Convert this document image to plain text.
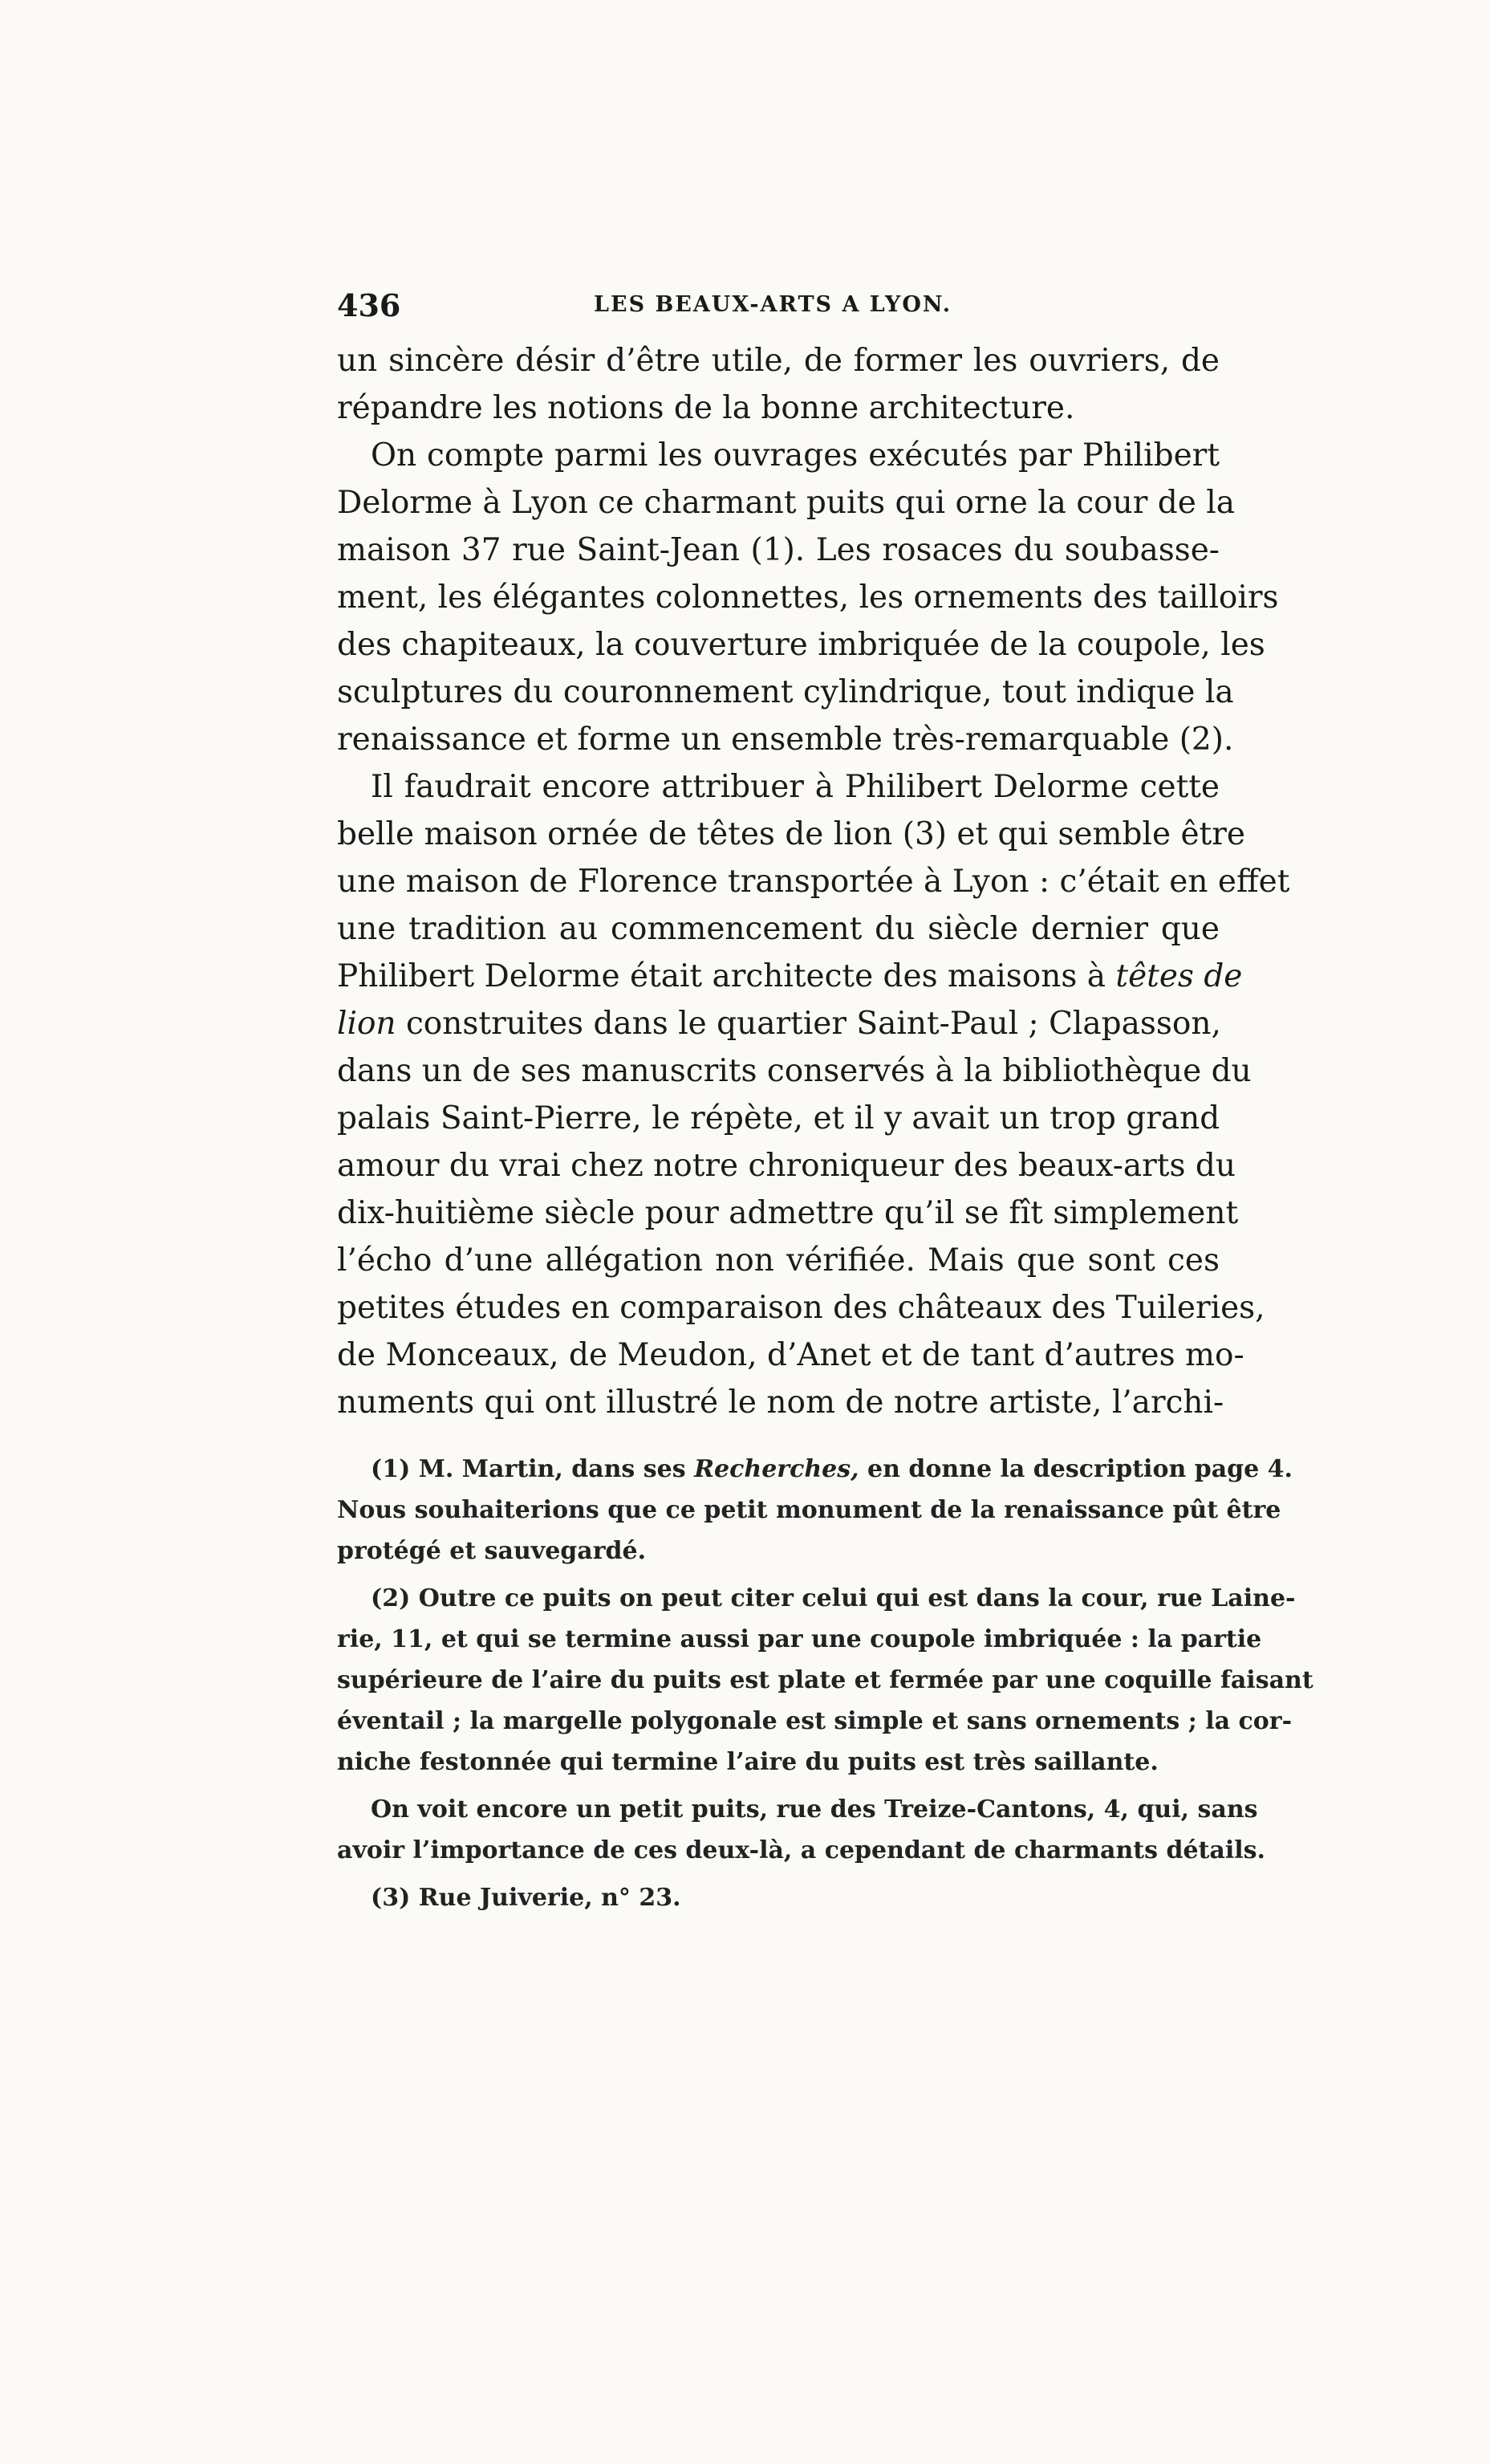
436	LES BEAUX-ARTS A LYON.
un sincère désir d’être utile, de former les ouvriers, de
répandre les notions de la bonne architecture.
On compte parmi les ouvrages exécutés par Philibert
Delorme à Lyon ce charmant puits qui orne la cour de la
maison 37 rue Saint-Jean (1). Les rosaces du soubasse-
ment, les élégantes colonnettes, les ornements des tailloirs
des chapiteaux, la couverture imbriquée de la coupole, les
sculptures du couronnement cylindrique, tout indique la
renaissance et forme un ensemble très-remarquable (2).
Il faudrait encore attribuer à Philibert Delorme cette
belle maison ornée de têtes de lion (3) et qui semble être
une maison de Florence transportée à Lyon : c’était en effet
une tradition au commencement du siècle dernier que
Philibert Delorme était architecte des maisons à têtes de
lion construites dans le quartier Saint-Paul ; Clapasson,
dans un de ses manuscrits conservés à la bibliothèque du
palais Saint-Pierre, le répète, et il y avait un trop grand
amour du vrai chez notre chroniqueur des beaux-arts du
dix-huitième siècle pour admettre qu’il se fît simplement
l’écho d’une allégation non vérifiée. Mais que sont ces
petites études en comparaison des châteaux des Tuileries,
de Monceaux, de Meudon, d’Anet et de tant d’autres mo-
numents qui ont illustré le nom de notre artiste, l’archi-
(1) M. Martin, dans ses Recherches, en donne la description page 4.
Nous souhaiterions que ce petit monument de la renaissance pût être
protégé et sauvegardé.
(2) Outre ce puits on peut citer celui qui est dans la cour, rue Laine-
rie, 11, et qui se termine aussi par une coupole imbriquée : la partie
supérieure de l’aire du puits est plate et fermée par une coquille faisant
éventail ; la margelle polygonale est simple et sans ornements ; la cor-
niche festonnée qui termine l’aire du puits est très saillante.
On voit encore un petit puits, rue des Treize-Cantons, 4, qui, sans
avoir l’importance de ces deux-là, a cependant de charmants détails.
(3) Rue Juiverie, n° 23.
